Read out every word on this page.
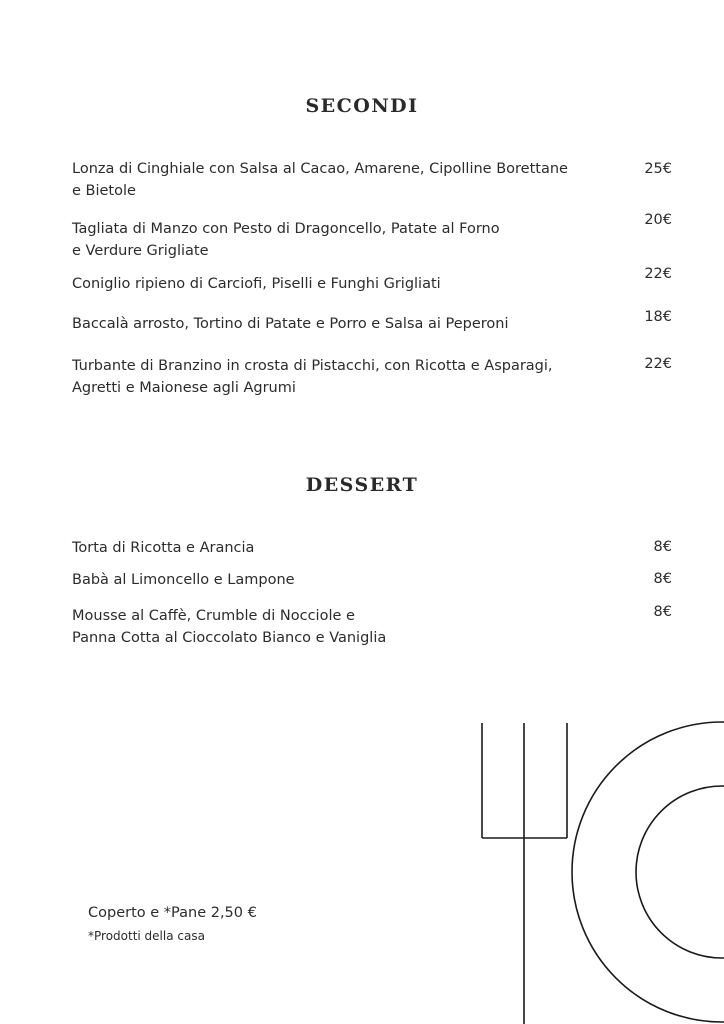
SECONDI
Lonza di Cinghiale con Salsa al Cacao, Amarene, Cipolline Borettane
e Bietole
25€
Tagliata di Manzo con Pesto di Dragoncello, Patate al Forno
e Verdure Grigliate
20€
Coniglio ripieno di Carciofi, Piselli e Funghi Grigliati
22€
Baccalà arrosto, Tortino di Patate e Porro e Salsa ai Peperoni	18€
Turbante di Branzino in crosta di Pistacchi, con Ricotta e Asparagi,
Agretti e Maionese agli Agrumi
22€
DESSERT
Torta di Ricotta e Arancia	8€
Babà al Limoncello e Lampone	8€
Mousse al Caffè, Crumble di Nocciole e
Panna Cotta al Cioccolato Bianco e Vaniglia
8€
Coperto e *Pane 2,50 €
*Prodotti della casa
